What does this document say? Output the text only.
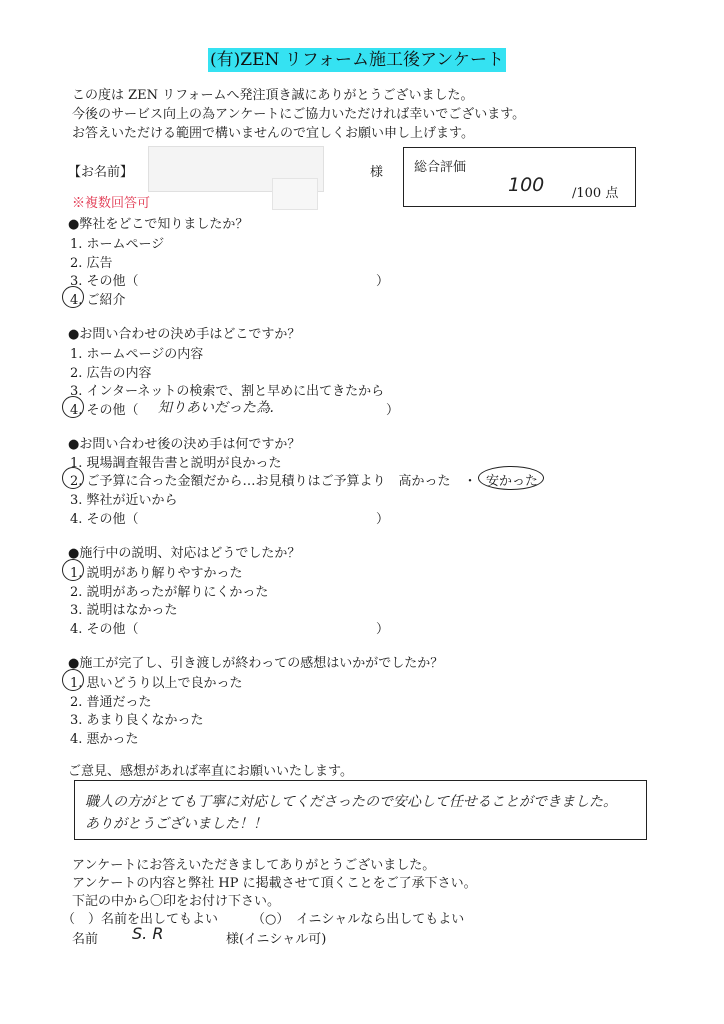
(有)ZEN リフォーム施工後アンケート
この度は ZEN リフォームへ発注頂き誠にありがとうございました。
今後のサービス向上の為アンケートにご協力いただければ幸いでございます。
お答えいただける範囲で構いませんので宜しくお願い申し上げます。
【お名前】	様 総合評価
100 /100 点
※複数回答可
●弊社をどこで知りましたか？
1. ホームページ
2. 広告
3. その他（	）
4. ご紹介
●お問い合わせの決め手はどこですか？
1. ホームページの内容
2. 広告の内容
3. インターネットの検索で、割と早めに出てきたから
4. その他（ 知りあいだった為.	）
●お問い合わせ後の決め手は何ですか？
1. 現場調査報告書と説明が良かった
2. ご予算に合った金額だから…お見積りはご予算より　高かった　・ 安かった
3. 弊社が近いから
4. その他（	）
●施行中の説明、対応はどうでしたか？
1. 説明があり解りやすかった
2. 説明があったが解りにくかった
3. 説明はなかった
4. その他（	）
●施工が完了し、引き渡しが終わっての感想はいかがでしたか？
1. 思いどうり以上で良かった
2. 普通だった
3. あまり良くなかった
4. 悪かった
ご意見、感想があれば率直にお願いいたします。
職人の方がとても丁寧に対応してくださったので安心して任せることができました。
ありがとうございました！！
アンケートにお答えいただきましてありがとうございました。
アンケートの内容と弊社 HP に掲載させて頂くことをご了承下さい。
下記の中から〇印をお付け下さい。
（　）名前を出してもよい	（○） イニシャルなら出してもよい
名前 S. R	様(イニシャル可)
